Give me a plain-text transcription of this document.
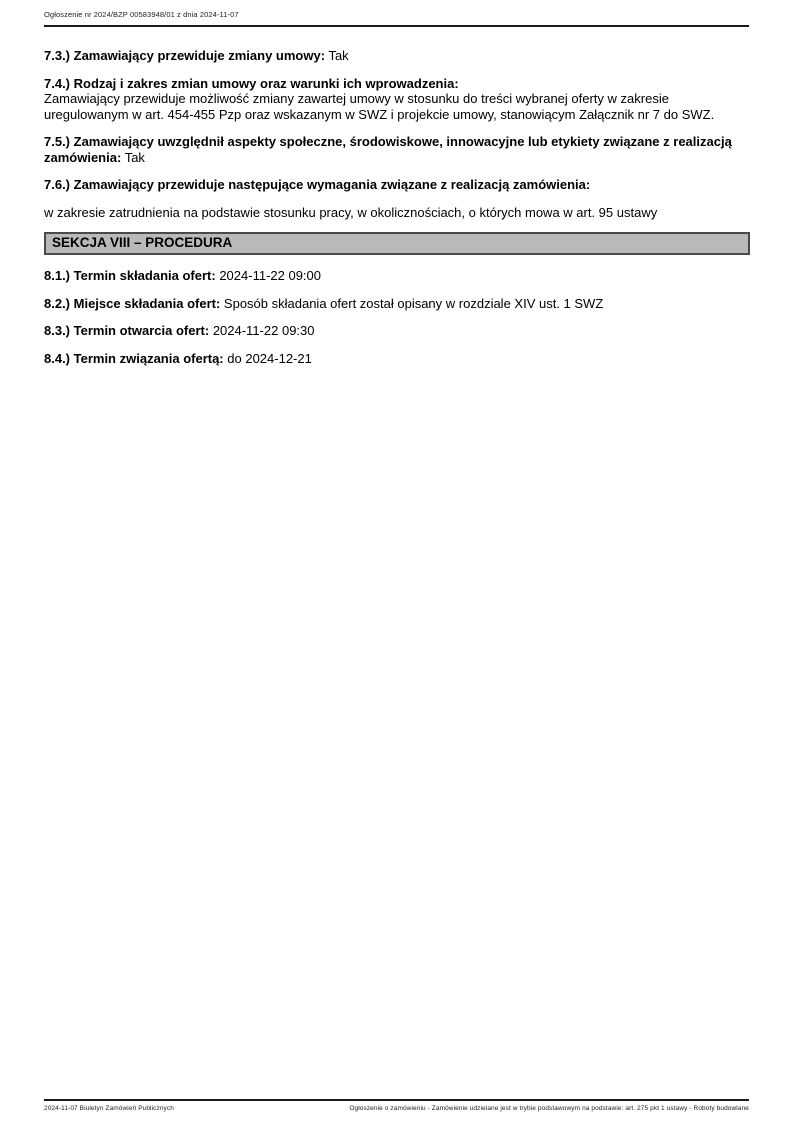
Ogłoszenie nr 2024/BZP 00583948/01 z dnia 2024-11-07

7.3.) Zamawiający przewiduje zmiany umowy: Tak

7.4.) Rodzaj i zakres zmian umowy oraz warunki ich wprowadzenia:
Zamawiający przewiduje możliwość zmiany zawartej umowy w stosunku do treści wybranej oferty w zakresie uregulowanym w art. 454-455 Pzp oraz wskazanym w SWZ i projekcie umowy, stanowiącym Załącznik nr 7 do SWZ.

7.5.) Zamawiający uwzględnił aspekty społeczne, środowiskowe, innowacyjne lub etykiety związane z realizacją zamówienia: Tak

7.6.) Zamawiający przewiduje następujące wymagania związane z realizacją zamówienia:

w zakresie zatrudnienia na podstawie stosunku pracy, w okolicznościach, o których mowa w art. 95 ustawy

SEKCJA VIII – PROCEDURA

8.1.) Termin składania ofert: 2024-11-22 09:00

8.2.) Miejsce składania ofert: Sposób składania ofert został opisany w rozdziale XIV ust. 1 SWZ

8.3.) Termin otwarcia ofert: 2024-11-22 09:30

8.4.) Termin związania ofertą: do 2024-12-21

2024-11-07 Biuletyn Zamówień Publicznych	Ogłoszenie o zamówieniu - Zamówienie udzielane jest w trybie podstawowym na podstawie: art. 275 pkt 1 ustawy - Roboty budowlane
